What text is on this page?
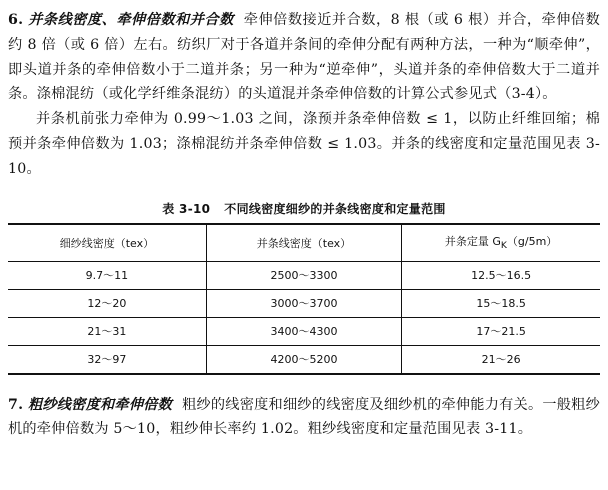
6. 并条线密度、牵伸倍数和并合数 牵伸倍数接近并合数，8 根（或 6 根）并合，牵伸倍数约 8 倍（或 6 倍）左右。纺织厂对于各道并条间的牵伸分配有两种方法，一种为“顺牵伸”，即头道并条的牵伸倍数小于二道并条；另一种为“逆牵伸”，头道并条的牵伸倍数大于二道并条。涤棉混纺（或化学纤维条混纺）的头道混并条牵伸倍数的计算公式参见式（3-4）。

并条机前张力牵伸为 0.99～1.03 之间，涤预并条牵伸倍数 ≤ 1，以防止纤维回缩；棉预并条牵伸倍数为 1.03；涤棉混纺并条牵伸倍数 ≤ 1.03。并条的线密度和定量范围见表 3-10。

表 3-10 不同线密度细纱的并条线密度和定量范围
细纱线密度（tex）	并条线密度（tex）	并条定量 $G_K(g/5m)$
9.7～11	2500～3300	12.5～16.5
12～20	3000～3700	15～18.5
21～31	3400～4300	17～21.5
32～97	4200～5200	21～26

7. 粗纱线密度和牵伸倍数 粗纱的线密度和细纱的线密度及细纱机的牵伸能力有关。一般粗纱机的牵伸倍数为 5～10，粗纱伸长率约 1.02。粗纱线密度和定量范围见表 3-11。
